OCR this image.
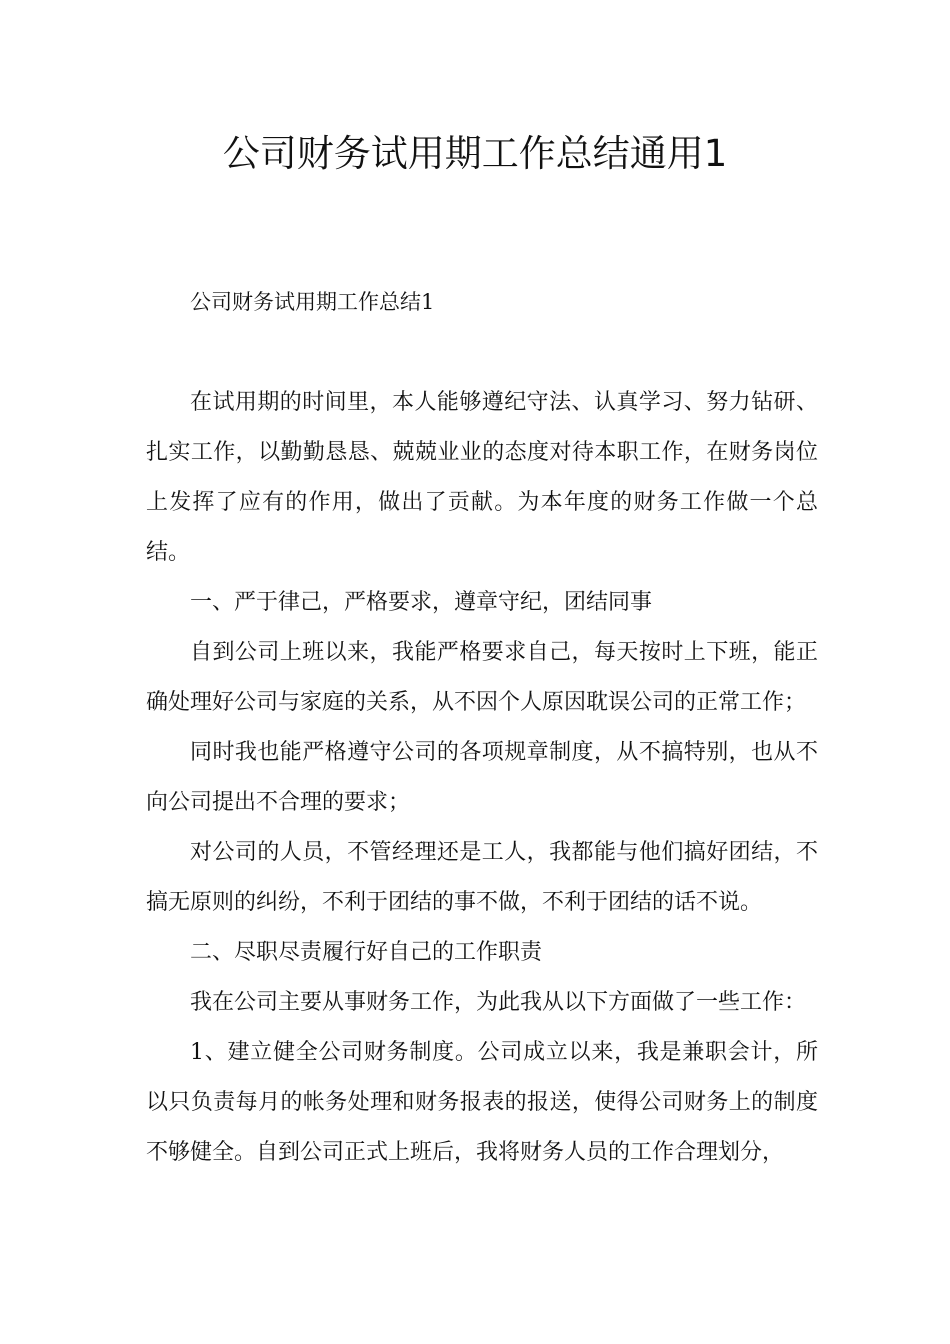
公司财务试用期工作总结通用1
公司财务试用期工作总结1

在试用期的时间里，本人能够遵纪守法、认真学习、努力钻研、扎实工作，以勤勤恳恳、兢兢业业的态度对待本职工作，在财务岗位上发挥了应有的作用，做出了贡献。为本年度的财务工作做一个总结。

一、严于律己，严格要求，遵章守纪，团结同事

自到公司上班以来，我能严格要求自己，每天按时上下班，能正确处理好公司与家庭的关系，从不因个人原因耽误公司的正常工作；

同时我也能严格遵守公司的各项规章制度，从不搞特别，也从不向公司提出不合理的要求；

对公司的人员，不管经理还是工人，我都能与他们搞好团结，不搞无原则的纠纷，不利于团结的事不做，不利于团结的话不说。

二、尽职尽责履行好自己的工作职责

我在公司主要从事财务工作，为此我从以下方面做了一些工作：

1、建立健全公司财务制度。公司成立以来，我是兼职会计，所以只负责每月的帐务处理和财务报表的报送，使得公司财务上的制度不够健全。自到公司正式上班后，我将财务人员的工作合理划分，
